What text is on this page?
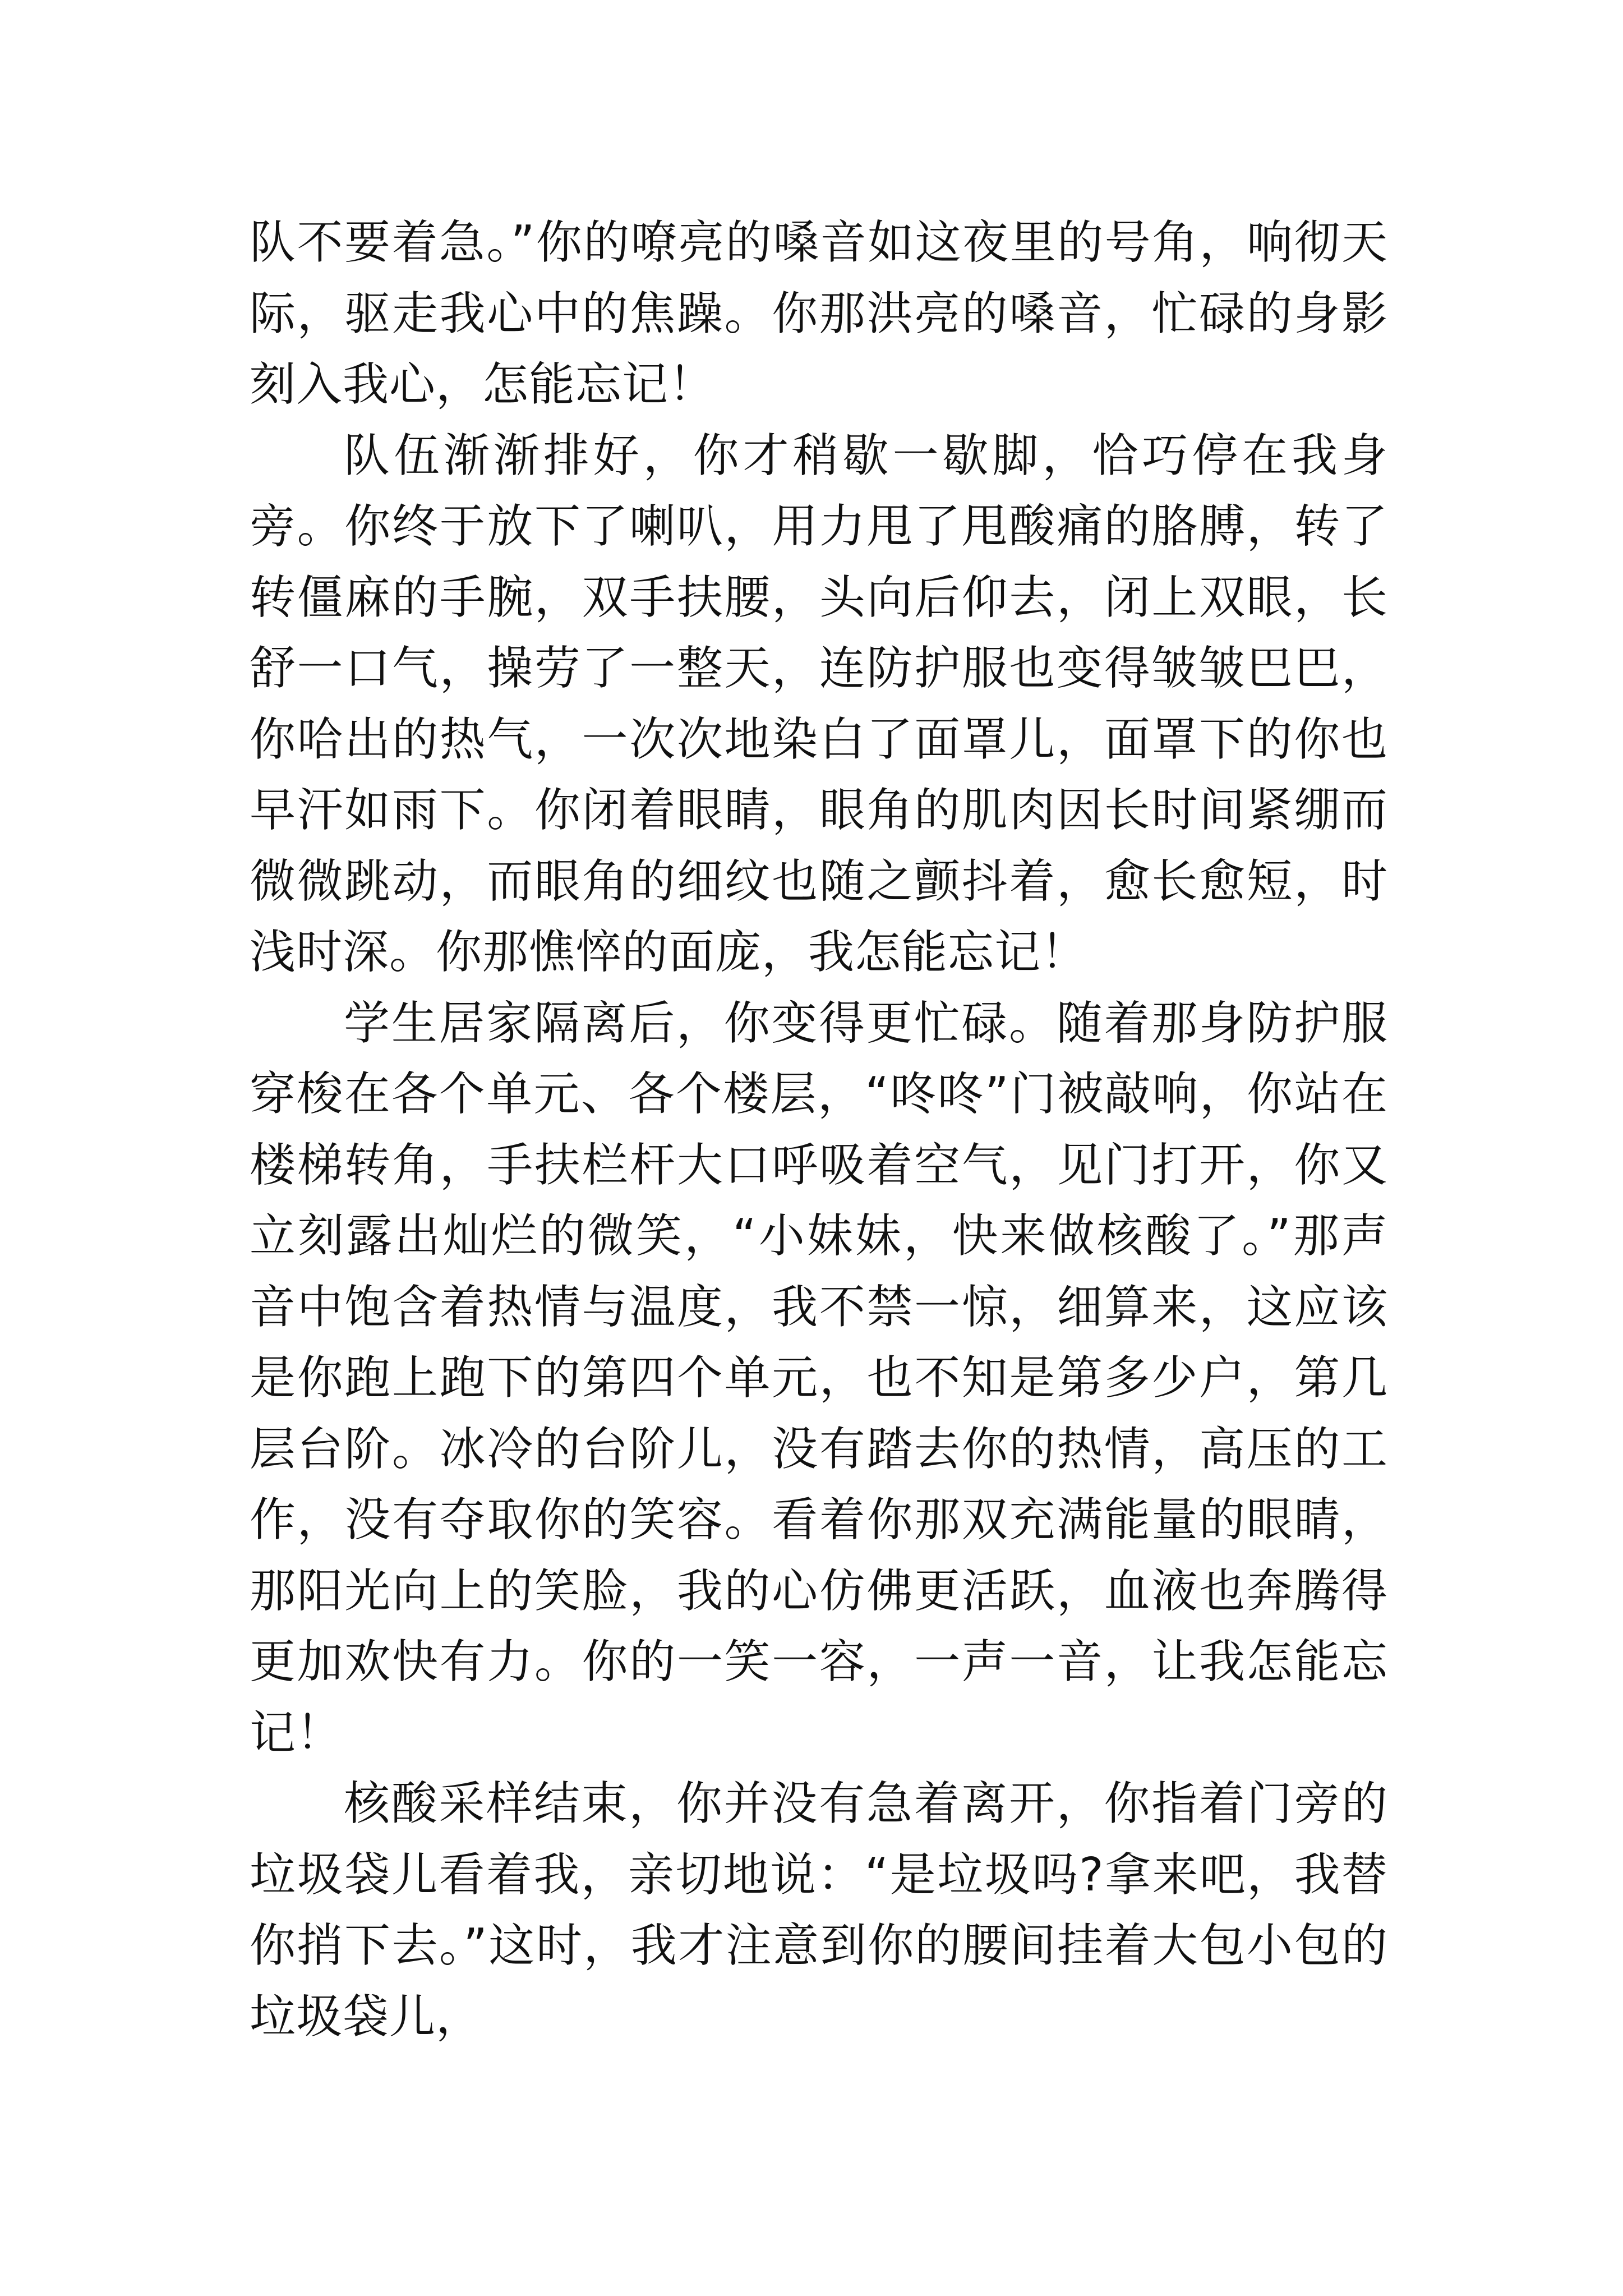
队不要着急。”你的嘹亮的嗓音如这夜里的号角，响彻天际，驱走我心中的焦躁。你那洪亮的嗓音，忙碌的身影刻入我心，怎能忘记！

队伍渐渐排好，你才稍歇一歇脚，恰巧停在我身旁。你终于放下了喇叭，用力甩了甩酸痛的胳膊，转了转僵麻的手腕，双手扶腰，头向后仰去，闭上双眼，长舒一口气，操劳了一整天，连防护服也变得皱皱巴巴，你哈出的热气，一次次地染白了面罩儿，面罩下的你也早汗如雨下。你闭着眼睛，眼角的肌肉因长时间紧绷而微微跳动，而眼角的细纹也随之颤抖着，愈长愈短，时浅时深。你那憔悴的面庞，我怎能忘记！

学生居家隔离后，你变得更忙碌。随着那身防护服穿梭在各个单元、各个楼层，“咚咚”门被敲响，你站在楼梯转角，手扶栏杆大口呼吸着空气，见门打开，你又立刻露出灿烂的微笑，“小妹妹，快来做核酸了。”那声音中饱含着热情与温度，我不禁一惊，细算来，这应该是你跑上跑下的第四个单元，也不知是第多少户，第几层台阶。冰冷的台阶儿，没有踏去你的热情，高压的工作，没有夺取你的笑容。看着你那双充满能量的眼睛，那阳光向上的笑脸，我的心仿佛更活跃，血液也奔腾得更加欢快有力。你的一笑一容，一声一音，让我怎能忘记！

核酸采样结束，你并没有急着离开，你指着门旁的垃圾袋儿看着我，亲切地说：“是垃圾吗?拿来吧，我替你捎下去。”这时，我才注意到你的腰间挂着大包小包的垃圾袋儿，
